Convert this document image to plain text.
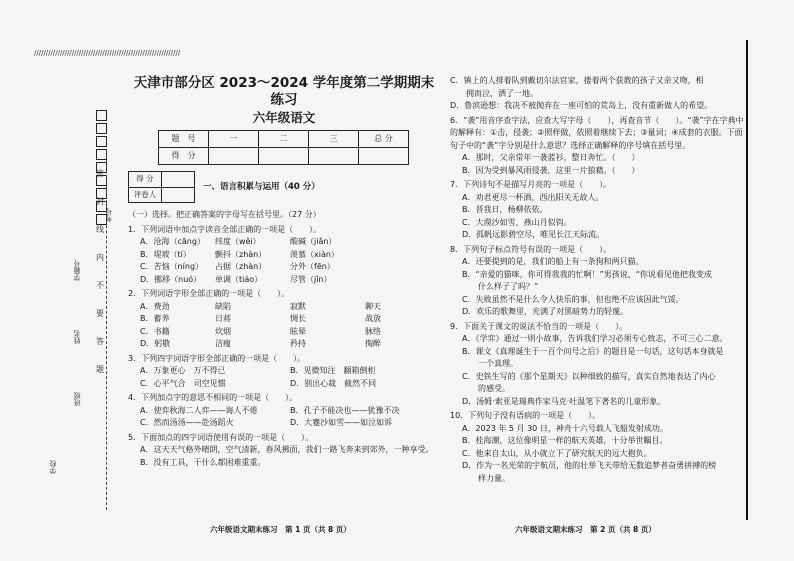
//////////////////////////////////////////////////////////////
学校
班级
姓名
学籍号
考号
密
封
线
内
不
要
答
题
天津市部分区 2023～2024 学年度第二学期期末练习
六年级语文
题　号	一	二	三	总 分
得　分				
得 分	
评卷人	
一、语言积累与运用（40 分）
（一）选择。把正确答案的字母写在括号里。（27 分）
1．下列词语中加点字读音全部正确的一项是（　　）。
A．沧海（cāng）	纬度（wěi）	酸碱（jiǎn）
B．堤坡（tí）	颤抖（zhàn）	羡慕（xiàn）
C．苦恼（níng）	占据（zhàn）	分外（fēn）
D．挪移（nuó）	单调（tiáo）	尽管（jǐn）
2．下列词语字形全部正确的一项是（　　）。
A．费劲	缺陷	寂默	聊天
B．蓄养	日蒋	惆长	战放
C．书籍	炊烟	眩晕	脉络
D．躬敬	洁瘦	矜持	掏醉
3．下列四字词语字形全部正确的一项是（　　）。
A．万象更心　万不得已	B．见微知注　翻箱倒柜
C．心平气合　司空见惯	D．别出心裁　截然不同
4．下列加点字的意思不相同的一项是（　　）。
A．使弈秋海二人弈——诲人不倦	B．孔子不能决也——犹豫不决
C．然而汤汤——赴汤蹈火	D．大蹇沙如雪——如泣如诉
5．下面加点的四字词语使用有误的一项是（　　）。
A．这天天气格外晴朗，空气清新，春风拂面，我们一路飞奔来到郊外，一种享受。
B．没有工具，干什么都困难重重。
C．镇上的人排着队到戴切尔法官家，搂着两个获教的孩子又亲又吻，相
　　拥而泣，洒了一地。
D．鲁滨逊想：我决不被抛弃在一座可怕的荒岛上，没有重新做人的希望。
6．“袭”用音序查字法，应查大写字母（　　），再查音节（　　）。“袭”字在字典中的解释有：①击，侵袭；②照样做，依照着继续下去；③量词；④成套的衣服。下面句子中的“袭”字分别是什么意思？选择正确解释的序号填在括号里。
A．那时，父亲常年一袭蓝衫，整日奔忙。（　　）
B．因为受到暴风雨侵袭，这里一片狼藉。（　　）
7．下列诗句不是描写月亮的一项是（　　）。
A．劝君更尽一杯酒，西出阳关无故人。
B．晋我日，杨柳依依。
C．大漠沙如雪，燕山月似钩。
D．孤帆远影碧空尽，唯见长江天际流。
8．下列句子标点符号有误的一项是（　　）。
A．还要提到的是，我们的船上有一条狗和两只猫。
B．“亲爱的猫咪，你可得我我的忙啊！”男孩说，“你说看见他把我变成
　　什么样子了吗？”
C．失败虽然不是什么令人快乐的事，但也绝不应该因此气馁。
D．欢乐的歌舞里，充满了对黑暗势力的轻蔑。
9．下面关于课文的说法不恰当的一项是（　　）。
A．《学弈》通过一则小故事，告诉我们学习必须专心致志，不可三心二意。
B．课文《真理诞生于一百个问号之后》的题目是一句话，这句话本身就是
　　一个真理。
C．史铁生写的《那个星期天》以种细致的描写，真实自然地表达了内心
　　的感受。
D．汤姆·索亚是瑞典作家马克·吐温笔下著名的儿童形象。
10．下列句子没有语病的一项是（　　）。
A．2023 年 5 月 30 日，神舟十六号载人飞船发射成功。
B．桂海潮，这位像明星一样的航天英雄，十分举世瞩目。
C．他来自太山，从小就立下了研究航天的远大抱负。
D．作为一名光荣的宇航员，他的壮举飞天带给无数追梦者奋勇拼搏的榜
　　样力量。
六年级语文期末练习　第 1 页（共 8 页）	六年级语文期末练习　第 2 页（共 8 页）
